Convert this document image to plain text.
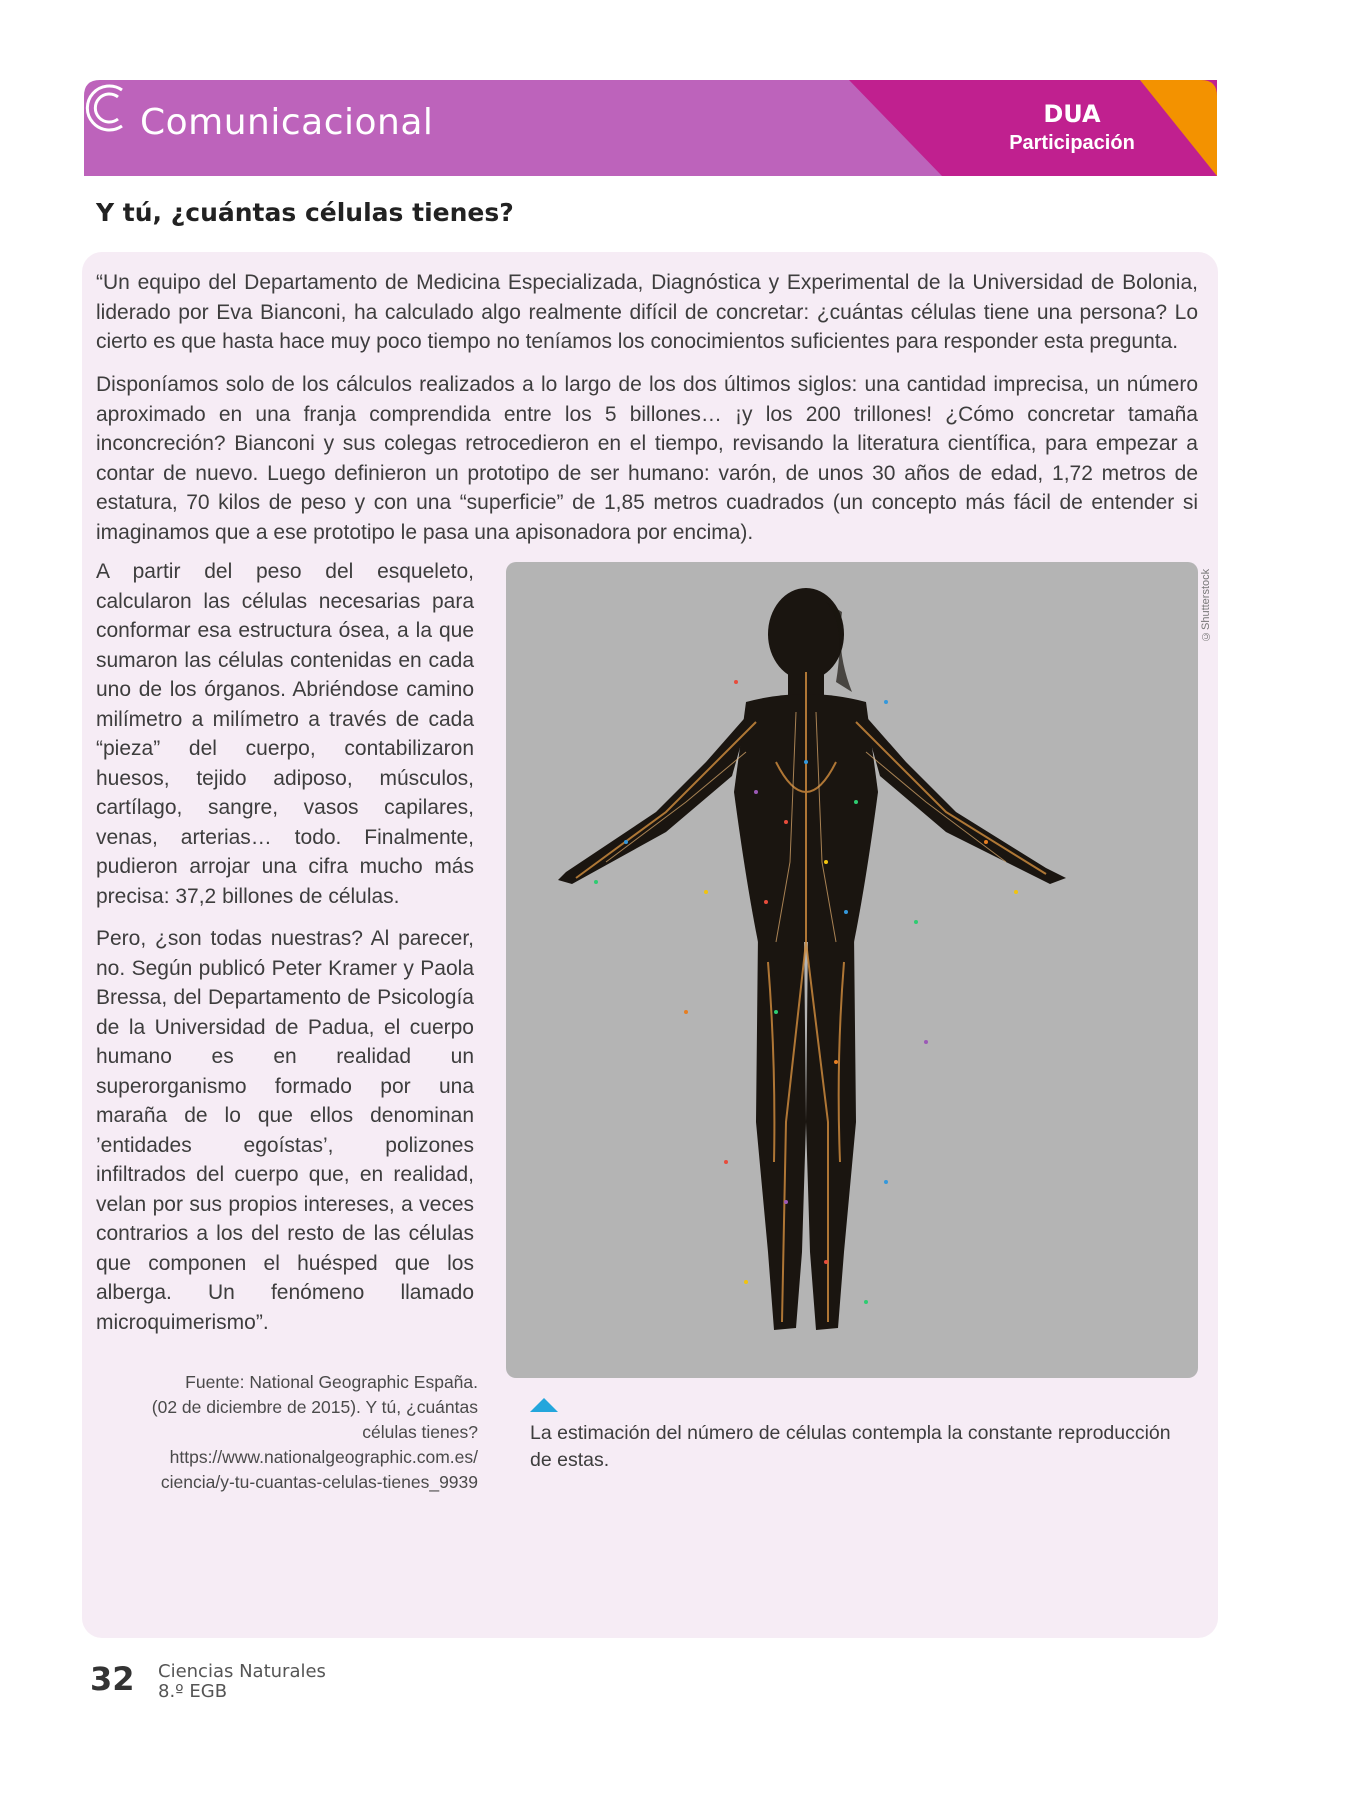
Comunicacional	DUA
Participación
Y tú, ¿cuántas células tienes?

“Un equipo del Departamento de Medicina Especializada, Diagnóstica y Experimental de la Universidad de Bolonia, liderado por Eva Bianconi, ha calculado algo realmente difícil de concretar: ¿cuántas células tiene una persona? Lo cierto es que hasta hace muy poco tiempo no teníamos los conocimientos suficientes para responder esta pregunta.

Disponíamos solo de los cálculos realizados a lo largo de los dos últimos siglos: una cantidad imprecisa, un número aproximado en una franja comprendida entre los 5 billones… ¡y los 200 trillones! ¿Cómo concretar tamaña inconcreción? Bianconi y sus colegas retrocedieron en el tiempo, revisando la literatura científica, para empezar a contar de nuevo. Luego definieron un prototipo de ser humano: varón, de unos 30 años de edad, 1,72 metros de estatura, 70 kilos de peso y con una “superficie” de 1,85 metros cuadrados (un concepto más fácil de entender si imaginamos que a ese prototipo le pasa una apisonadora por encima).

A partir del peso del esqueleto, calcularon las células necesarias para conformar esa estructura ósea, a la que sumaron las células contenidas en cada uno de los órganos. Abriéndose camino milímetro a milímetro a través de cada “pieza” del cuerpo, contabilizaron huesos, tejido adiposo, músculos, cartílago, sangre, vasos capilares, venas, arterias… todo. Finalmente, pudieron arrojar una cifra mucho más precisa: 37,2 billones de células.

Pero, ¿son todas nuestras? Al parecer, no. Según publicó Peter Kramer y Paola Bressa, del Departamento de Psicología de la Universidad de Padua, el cuerpo humano es en realidad un superorganismo formado por una maraña de lo que ellos denominan ’entidades egoístas’, polizones infiltrados del cuerpo que, en realidad, velan por sus propios intereses, a veces contrarios a los del resto de las células que componen el huésped que los alberga. Un fenómeno llamado microquimerismo”.

Fuente: National Geographic España.
(02 de diciembre de 2015). Y tú, ¿cuántas
células tienes?
https://www.nationalgeographic.com.es/
ciencia/y-tu-cuantas-celulas-tienes_9939
©Shutterstock
La estimación del número de células contempla la constante reproducción de estas.
32 Ciencias Naturales
8.º EGB
